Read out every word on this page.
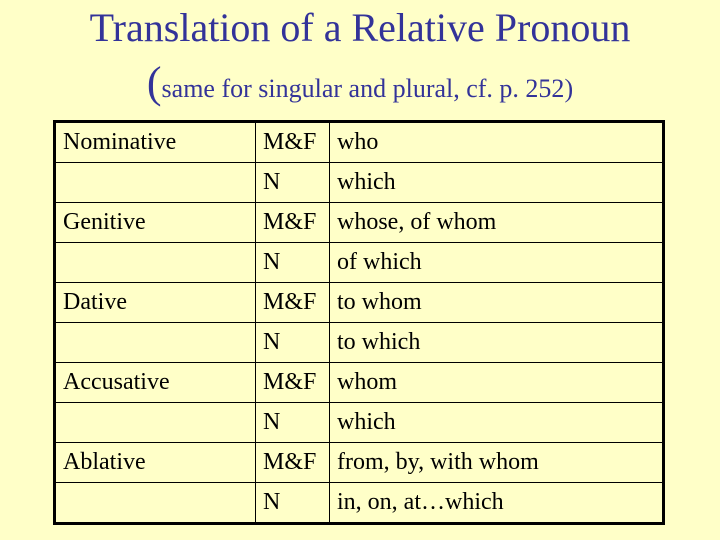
Translation of a Relative Pronoun
(same for singular and plural, cf. p. 252)
Nominative	M&F	who
	N	which
Genitive	M&F	whose, of whom
	N	of which
Dative	M&F	to whom
	N	to which
Accusative	M&F	whom
	N	which
Ablative	M&F	from, by, with whom
	N	in, on, at…which
